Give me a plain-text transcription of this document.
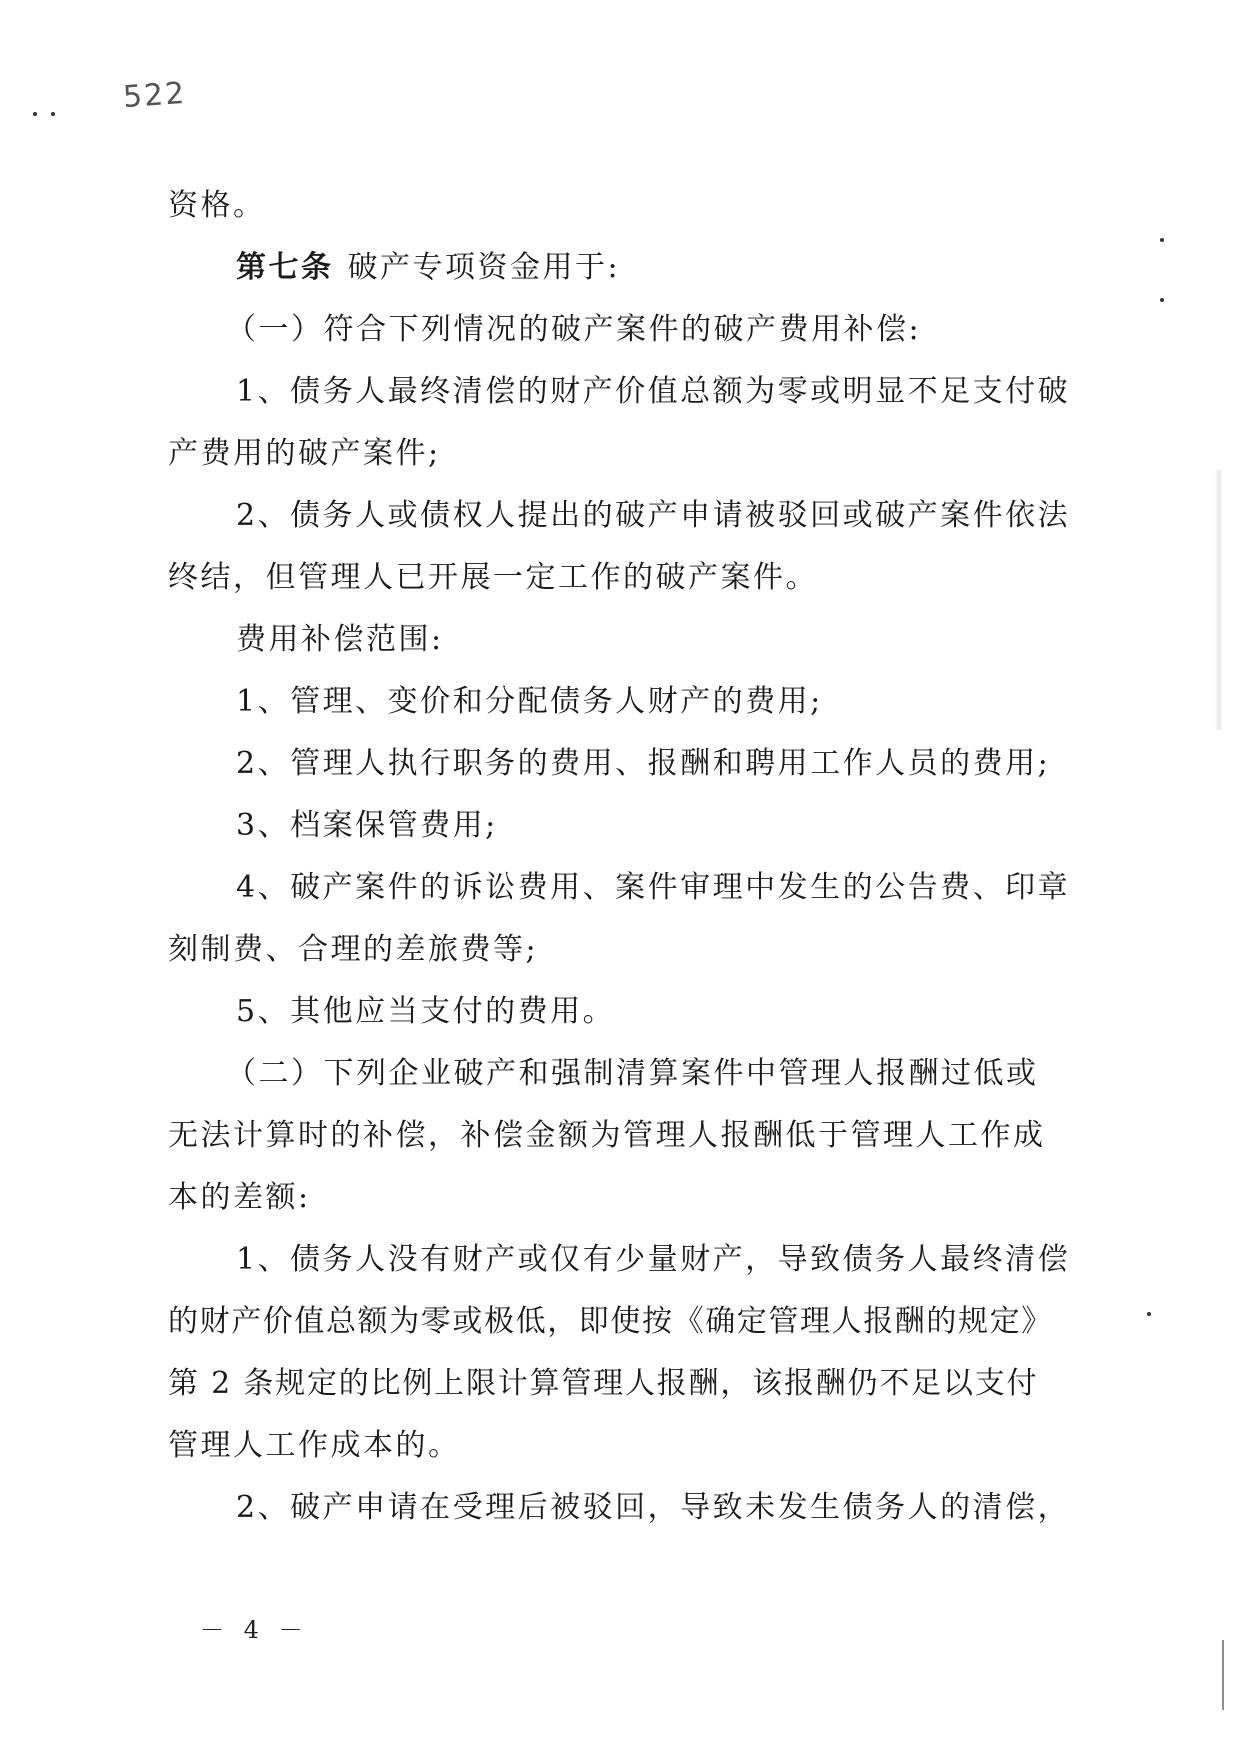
522
资格。
第七条 破产专项资金用于:
（一）符合下列情况的破产案件的破产费用补偿:
1、债务人最终清偿的财产价值总额为零或明显不足支付破
产费用的破产案件;
2、债务人或债权人提出的破产申请被驳回或破产案件依法
终结，但管理人已开展一定工作的破产案件。
费用补偿范围:
1、管理、变价和分配债务人财产的费用;
2、管理人执行职务的费用、报酬和聘用工作人员的费用;
3、档案保管费用;
4、破产案件的诉讼费用、案件审理中发生的公告费、印章
刻制费、合理的差旅费等;
5、其他应当支付的费用。
（二）下列企业破产和强制清算案件中管理人报酬过低或
无法计算时的补偿，补偿金额为管理人报酬低于管理人工作成
本的差额:
1、债务人没有财产或仅有少量财产，导致债务人最终清偿
的财产价值总额为零或极低，即使按《确定管理人报酬的规定》
第 2 条规定的比例上限计算管理人报酬，该报酬仍不足以支付
管理人工作成本的。
2、破产申请在受理后被驳回，导致未发生债务人的清偿，
－ 4 －
